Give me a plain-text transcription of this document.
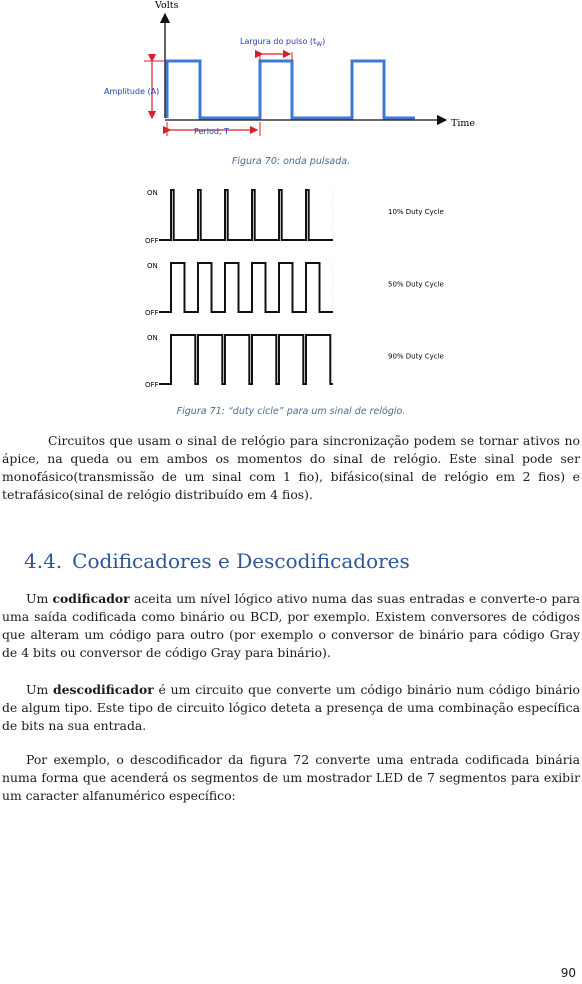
Volts
Time
Amplitude (A)
Largura do pulso $(t_W)$
Period, T
Figura 70: onda pulsada.
ON
OFF
10% Duty Cycle
ON
OFF
50% Duty Cycle
ON
OFF
90% Duty Cycle
Figura 71: “duty cicle” para um sinal de relógio.
Circuitos que usam o sinal de relógio para sincronização podem se tornar ativos no ápice, na queda ou em ambos os momentos do sinal de relógio. Este sinal pode ser monofásico(transmissão de um sinal com 1 fio), bifásico(sinal de relógio em 2 fios) e tetrafásico(sinal de relógio distribuído em 4 fios).
4.4. Codificadores e Descodificadores
Um codificador aceita um nível lógico ativo numa das suas entradas e converte-o para uma saída codificada como binário ou BCD, por exemplo. Existem conversores de códigos que alteram um código para outro (por exemplo o conversor de binário para código Gray de 4 bits ou conversor de código Gray para binário).
Um descodificador é um circuito que converte um código binário num código binário de algum tipo. Este tipo de circuito lógico deteta a presença de uma combinação específica de bits na sua entrada.
Por exemplo, o descodificador da figura 72 converte uma entrada codificada binária numa forma que acenderá os segmentos de um mostrador LED de 7 segmentos para exibir um caracter alfanumérico específico:
90
